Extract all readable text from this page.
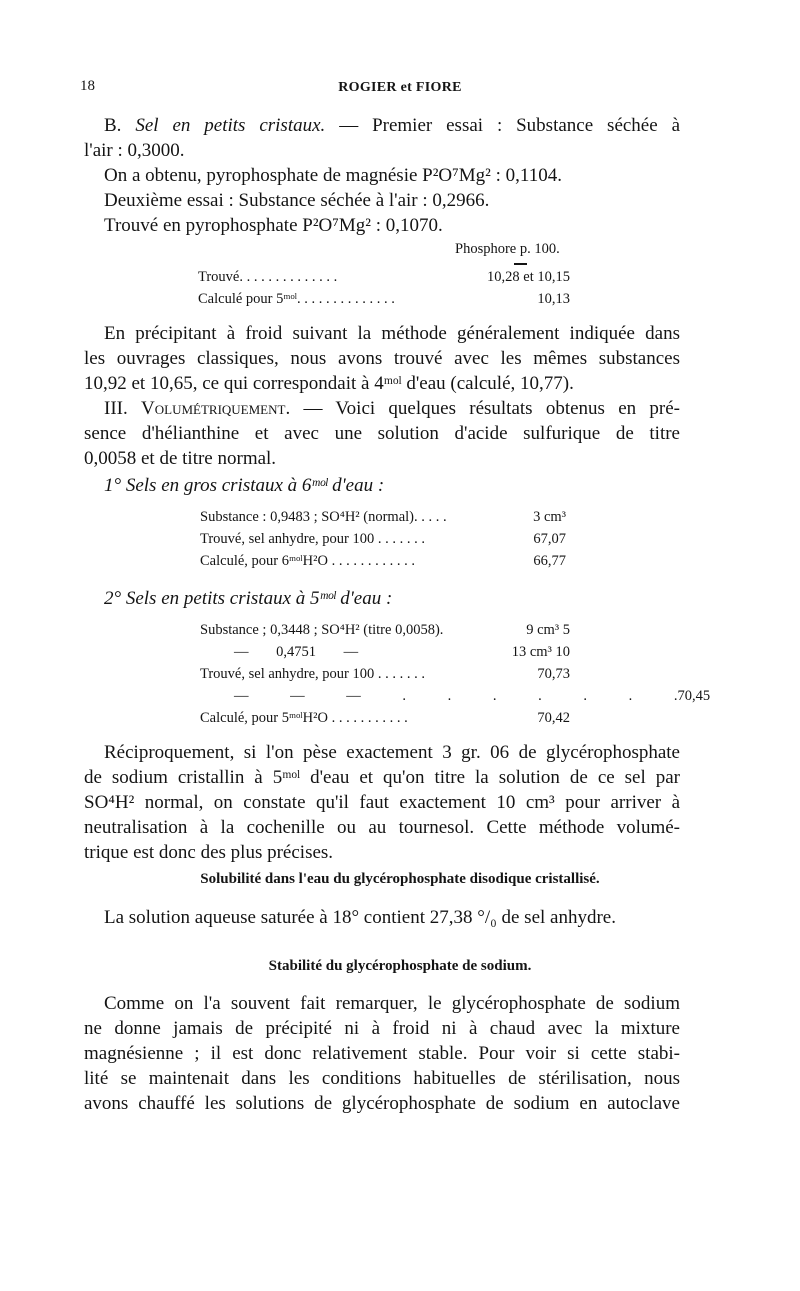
18	ROGIER et FIORE
B. Sel en petits cristaux. — Premier essai : Substance séchée à
l'air : 0,3000.
On a obtenu, pyrophosphate de magnésie P²O⁷Mg² : 0,1104.
Deuxième essai : Substance séchée à l'air : 0,2966.
Trouvé en pyrophosphate P²O⁷Mg² : 0,1070.
Phosphore p. 100.
Trouvé. . . . . . . . . . . . . .	10,28 et 10,15
Calculé pour 5ᵐᵒˡ. . . . . . . . . . . . . .	10,13
En précipitant à froid suivant la méthode généralement indiquée dans
les ouvrages classiques, nous avons trouvé avec les mêmes substances
10,92 et 10,65, ce qui correspondait à 4ᵐᵒˡ d'eau (calculé, 10,77).
III. Volumétriquement. — Voici quelques résultats obtenus en pré-
sence d'hélianthine et avec une solution d'acide sulfurique de titre
0,0058 et de titre normal.
1° Sels en gros cristaux à 6ᵐᵒˡ d'eau :
Substance : 0,9483 ; SO⁴H² (normal). . . . .	3 cm³
Trouvé, sel anhydre, pour 100 . . . . . . .	67,07
Calculé, pour 6ᵐᵒˡH²O . . . . . . . . . . . .	66,77
2° Sels en petits cristaux à 5ᵐᵒˡ d'eau :
Substance ; 0,3448 ; SO⁴H² (titre 0,0058).	9 cm³ 5
— 0,4751 —	13 cm³ 10
Trouvé, sel anhydre, pour 100 . . . . . . .	70,73
— — — . . . . . . . 70,45
Calculé, pour 5ᵐᵒˡH²O . . . . . . . . . . .	70,42
Réciproquement, si l'on pèse exactement 3 gr. 06 de glycérophosphate
de sodium cristallin à 5ᵐᵒˡ d'eau et qu'on titre la solution de ce sel par
SO⁴H² normal, on constate qu'il faut exactement 10 cm³ pour arriver à
neutralisation à la cochenille ou au tournesol. Cette méthode volumé-
trique est donc des plus précises.
Solubilité dans l'eau du glycérophosphate disodique cristallisé.
La solution aqueuse saturée à 18° contient 27,38 °/₀ de sel anhydre.
Stabilité du glycérophosphate de sodium.
Comme on l'a souvent fait remarquer, le glycérophosphate de sodium
ne donne jamais de précipité ni à froid ni à chaud avec la mixture
magnésienne ; il est donc relativement stable. Pour voir si cette stabi-
lité se maintenait dans les conditions habituelles de stérilisation, nous
avons chauffé les solutions de glycérophosphate de sodium en autoclave
